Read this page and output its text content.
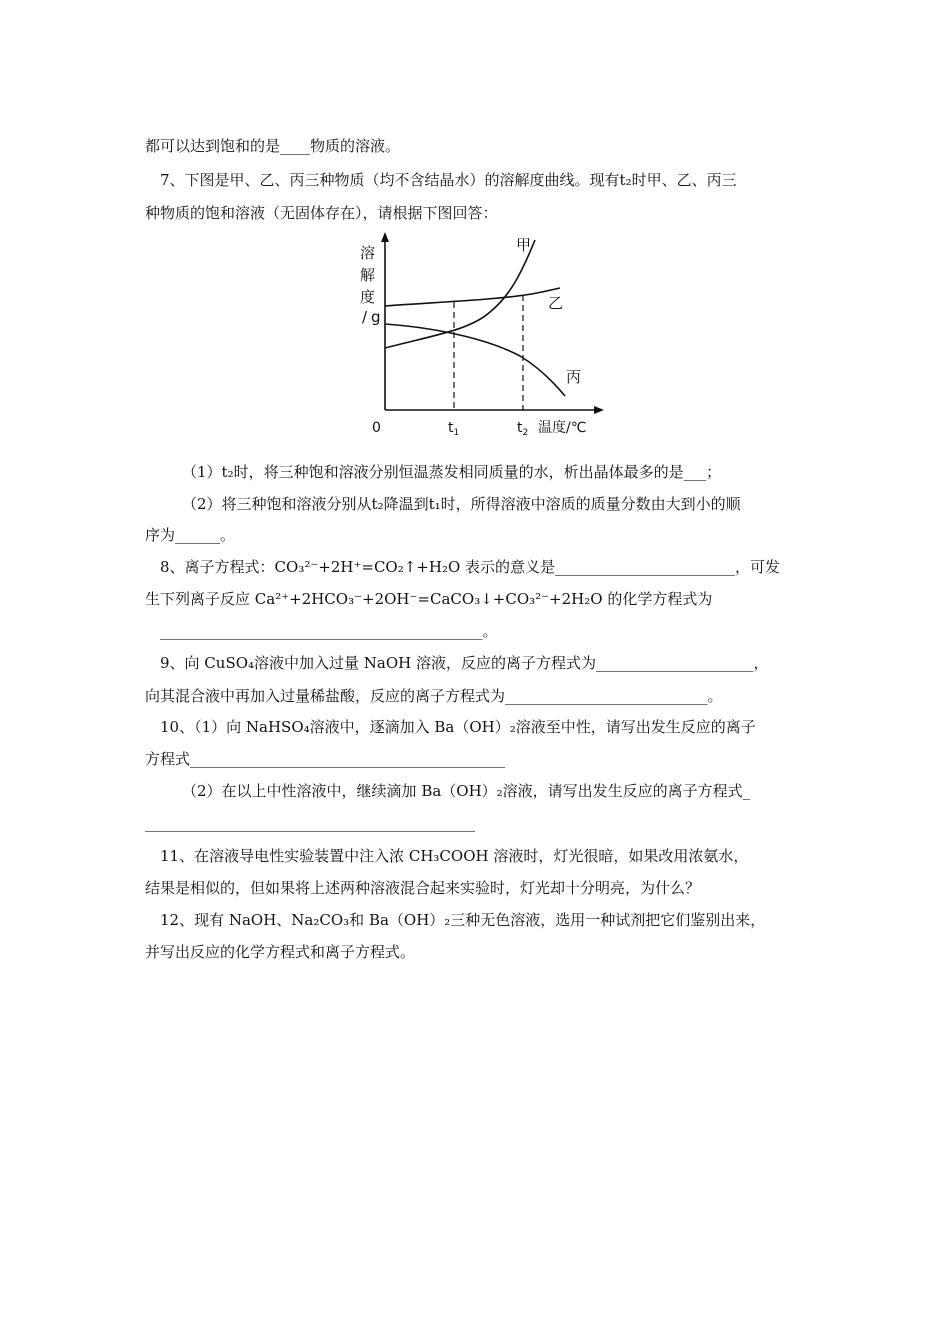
都可以达到饱和的是____物质的溶液。
7、下图是甲、乙、丙三种物质（均不含结晶水）的溶解度曲线。现有t₂时甲、乙、丙三
种物质的饱和溶液（无固体存在），请根据下图回答：
溶
解
度
/ g
甲
乙
丙
0	$t_1$	$t_2$ 温度/℃
（1）t₂时，将三种饱和溶液分别恒温蒸发相同质量的水，析出晶体最多的是___；
（2）将三种饱和溶液分别从t₂降温到t₁时，所得溶液中溶质的质量分数由大到小的顺
序为______。
8、离子方程式：CO₃²⁻+2H⁺=CO₂↑+H₂O 表示的意义是________________________，可发
生下列离子反应 Ca²⁺+2HCO₃⁻+2OH⁻=CaCO₃↓+CO₃²⁻+2H₂O 的化学方程式为
___________________________________________。
9、向 CuSO₄溶液中加入过量 NaOH 溶液，反应的离子方程式为_____________________，
向其混合液中再加入过量稀盐酸，反应的离子方程式为___________________________。
10、（1）向 NaHSO₄溶液中，逐滴加入 Ba（OH）₂溶液至中性，请写出发生反应的离子
方程式__________________________________________
（2）在以上中性溶液中，继续滴加 Ba（OH）₂溶液，请写出发生反应的离子方程式_
____________________________________________
11、在溶液导电性实验装置中注入浓 CH₃COOH 溶液时，灯光很暗，如果改用浓氨水，
结果是相似的，但如果将上述两种溶液混合起来实验时，灯光却十分明亮，为什么？
12、现有 NaOH、Na₂CO₃和 Ba（OH）₂三种无色溶液，选用一种试剂把它们鉴别出来，
并写出反应的化学方程式和离子方程式。
